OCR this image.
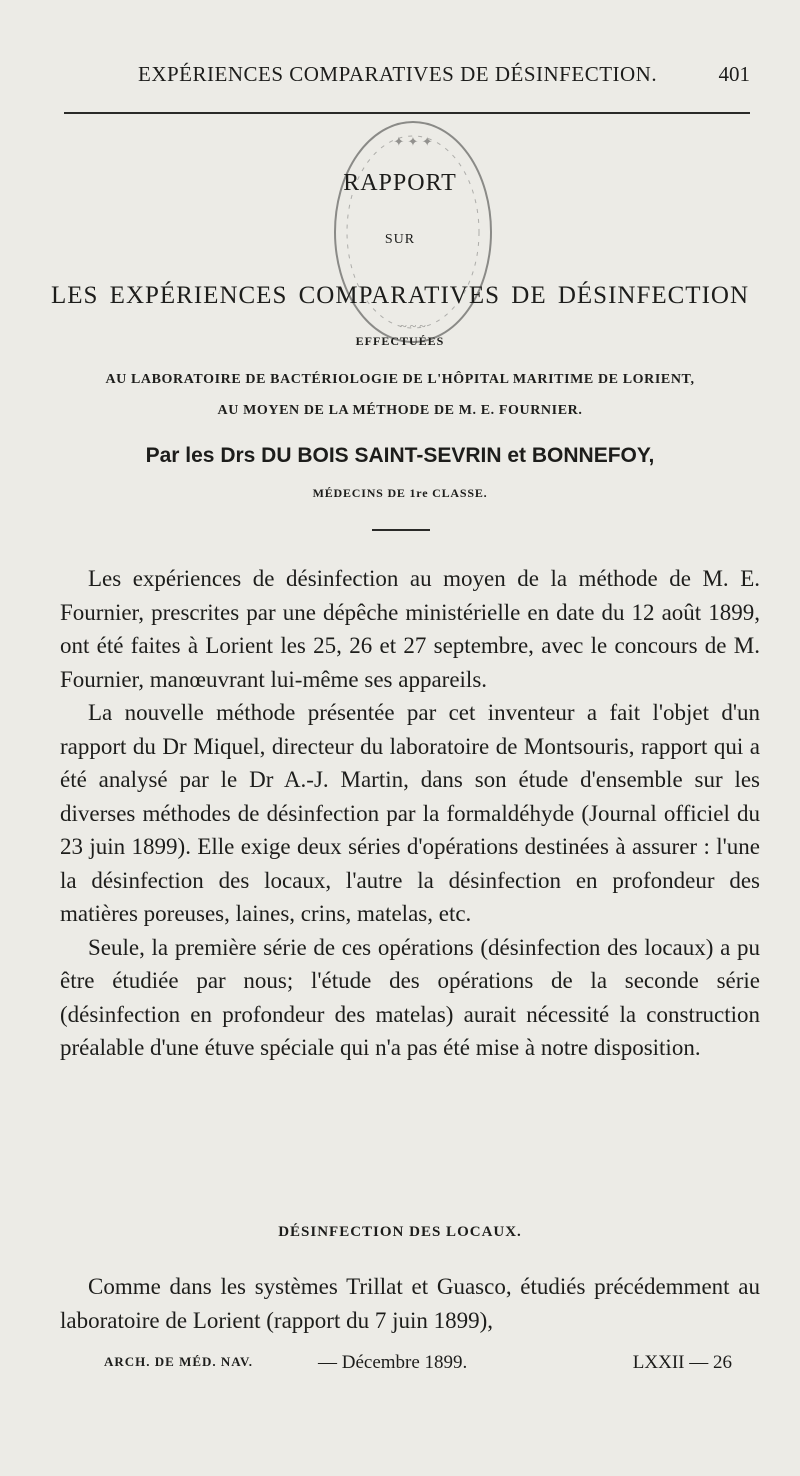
EXPÉRIENCES COMPARATIVES DE DÉSINFECTION.	401
✦ ✦ ✦
~ ~ ~
RAPPORT
SUR
LES EXPÉRIENCES COMPARATIVES DE DÉSINFECTION
EFFECTUÉES
AU LABORATOIRE DE BACTÉRIOLOGIE DE L'HÔPITAL MARITIME DE LORIENT,
AU MOYEN DE LA MÉTHODE DE M. E. FOURNIER.
Par les Drs DU BOIS SAINT-SEVRIN et BONNEFOY,
MÉDECINS DE 1re CLASSE.

Les expériences de désinfection au moyen de la méthode de M. E. Fournier, prescrites par une dépêche ministérielle en date du 12 août 1899, ont été faites à Lorient les 25, 26 et 27 septembre, avec le concours de M. Fournier, manœuvrant lui-même ses appareils.

La nouvelle méthode présentée par cet inventeur a fait l'objet d'un rapport du Dr Miquel, directeur du laboratoire de Montsouris, rapport qui a été analysé par le Dr A.-J. Martin, dans son étude d'ensemble sur les diverses méthodes de désinfection par la formaldéhyde (Journal officiel du 23 juin 1899). Elle exige deux séries d'opérations destinées à assurer : l'une la désinfection des locaux, l'autre la désinfection en profondeur des matières poreuses, laines, crins, matelas, etc.

Seule, la première série de ces opérations (désinfection des locaux) a pu être étudiée par nous; l'étude des opérations de la seconde série (désinfection en profondeur des matelas) aurait nécessité la construction préalable d'une étuve spéciale qui n'a pas été mise à notre disposition.

DÉSINFECTION DES LOCAUX.

Comme dans les systèmes Trillat et Guasco, étudiés précédemment au laboratoire de Lorient (rapport du 7 juin 1899),

ARCH. DE MÉD. NAV.	— Décembre 1899.	LXXII — 26
